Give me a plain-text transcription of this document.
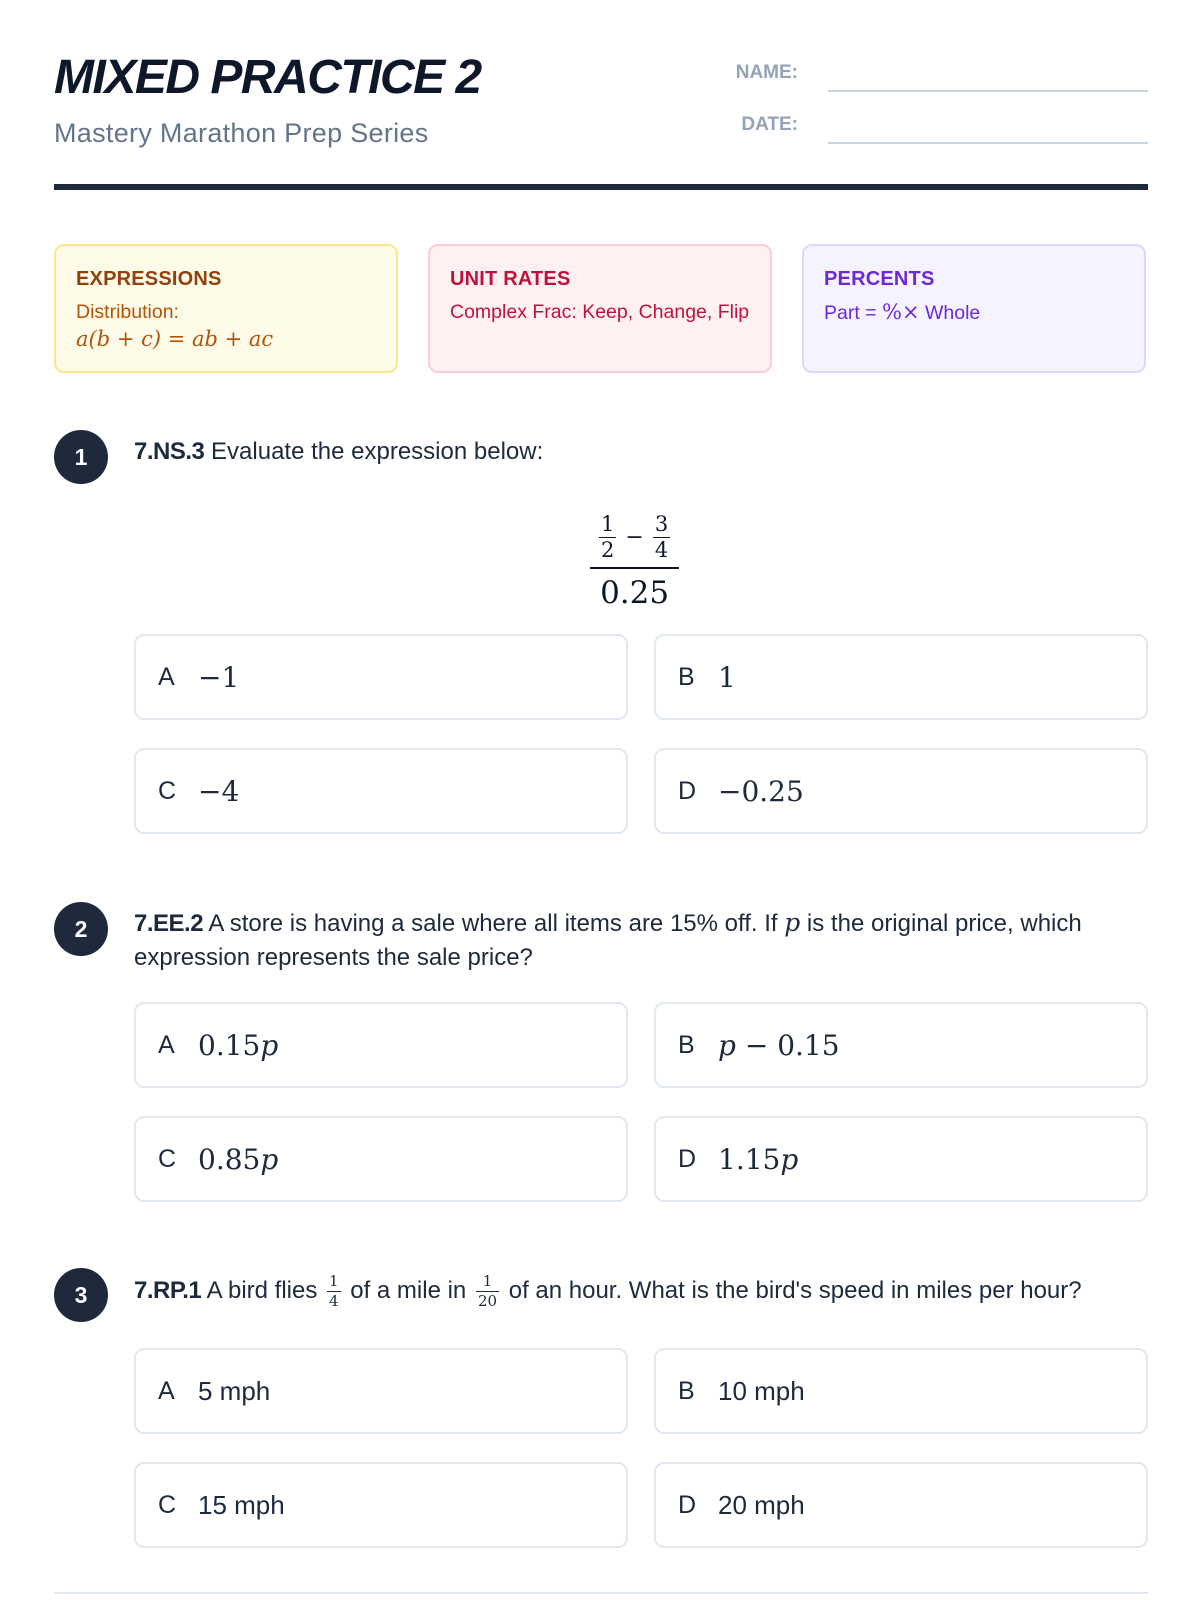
MIXED PRACTICE 2
Mastery Marathon Prep Series
NAME:
DATE:
EXPRESSIONS
Distribution:
a(b + c) = ab + ac
UNIT RATES
Complex Frac: Keep, Change, Flip
PERCENTS
Part = %× Whole
1	7.NS.3 Evaluate the expression below:
$\frac{1}{2} - \frac{3}{4}$
0.25
A −1	B 1
C −4	D −0.25
2	7.EE.2 A store is having a sale where all items are 15% off. If p is the original price, which expression represents the sale price?
A 0.15p	B p − 0.15
C 0.85p	D 1.15p
3	7.RP.1 A bird flies $\frac{1}{4}$ of a mile in $\frac{1}{20}$ of an hour. What is the bird's speed in miles per hour?
A 5 mph	B 10 mph
C 15 mph	D 20 mph
